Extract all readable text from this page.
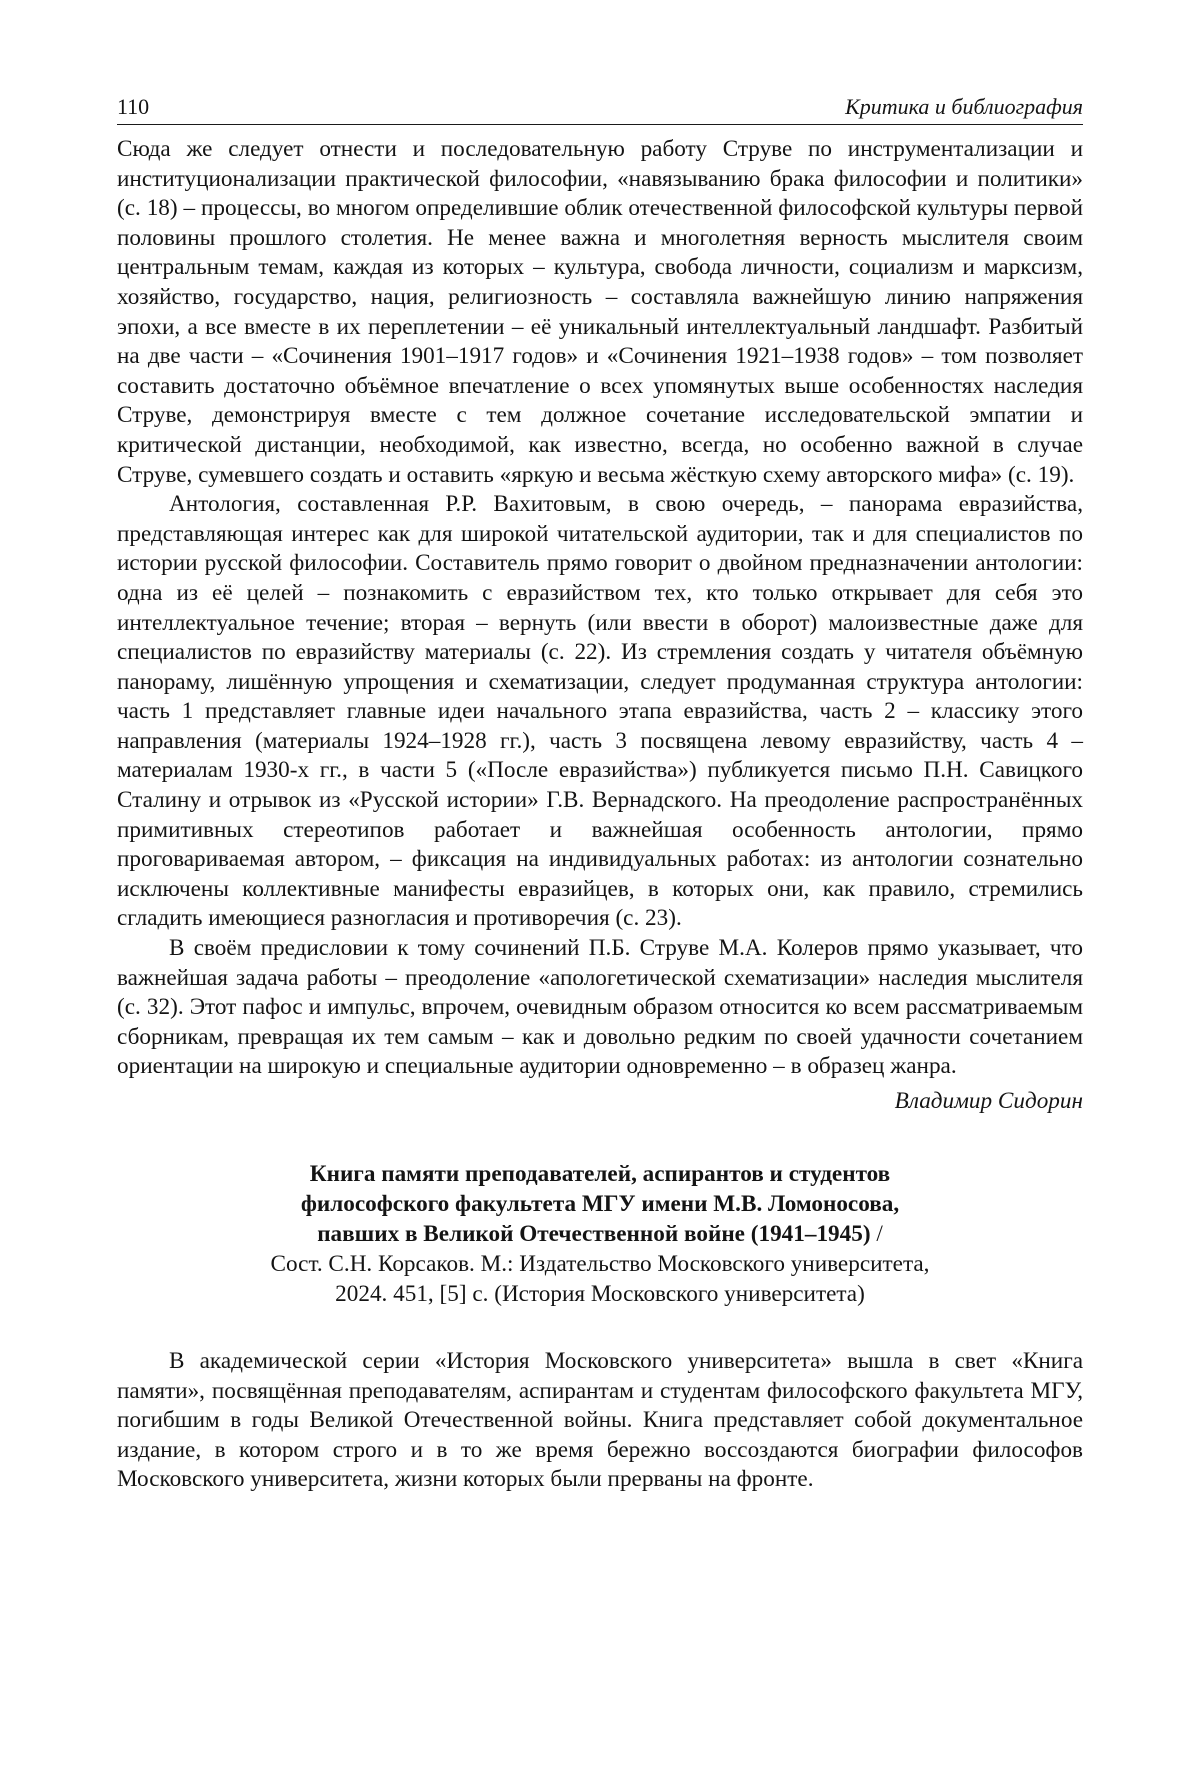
110	Критика и библиография

Сюда же следует отнести и последовательную работу Струве по инструментализации и институционализации практической философии, «навязыванию брака философии и политики» (с. 18) – процессы, во многом определившие облик отечественной философской культуры первой половины прошлого столетия. Не менее важна и многолетняя верность мыслителя своим центральным темам, каждая из которых – культура, свобода личности, социализм и марксизм, хозяйство, государство, нация, религиозность – составляла важнейшую линию напряжения эпохи, а все вместе в их переплетении – её уникальный интеллектуальный ландшафт. Разбитый на две части – «Сочинения 1901–1917 годов» и «Сочинения 1921–1938 годов» – том позволяет составить достаточно объёмное впечатление о всех упомянутых выше особенностях наследия Струве, демонстрируя вместе с тем должное сочетание исследовательской эмпатии и критической дистанции, необходимой, как известно, всегда, но особенно важной в случае Струве, сумевшего создать и оставить «яркую и весьма жёсткую схему авторского мифа» (с. 19).

Антология, составленная Р.Р. Вахитовым, в свою очередь, – панорама евразийства, представляющая интерес как для широкой читательской аудитории, так и для специалистов по истории русской философии. Составитель прямо говорит о двойном предназначении антологии: одна из её целей – познакомить с евразийством тех, кто только открывает для себя это интеллектуальное течение; вторая – вернуть (или ввести в оборот) малоизвестные даже для специалистов по евразийству материалы (с. 22). Из стремления создать у читателя объёмную панораму, лишённую упрощения и схематизации, следует продуманная структура антологии: часть 1 представляет главные идеи начального этапа евразийства, часть 2 – классику этого направления (материалы 1924–1928 гг.), часть 3 посвящена левому евразийству, часть 4 – материалам 1930-х гг., в части 5 («После евразийства») публикуется письмо П.Н. Савицкого Сталину и отрывок из «Русской истории» Г.В. Вернадского. На преодоление распространённых примитивных стереотипов работает и важнейшая особенность антологии, прямо проговариваемая автором, – фиксация на индивидуальных работах: из антологии сознательно исключены коллективные манифесты евразийцев, в которых они, как правило, стремились сгладить имеющиеся разногласия и противоречия (с. 23).

В своём предисловии к тому сочинений П.Б. Струве М.А. Колеров прямо указывает, что важнейшая задача работы – преодоление «апологетической схематизации» наследия мыслителя (с. 32). Этот пафос и импульс, впрочем, очевидным образом относится ко всем рассматриваемым сборникам, превращая их тем самым – как и довольно редким по своей удачности сочетанием ориентации на широкую и специальные аудитории одновременно – в образец жанра.

Владимир Сидорин
Книга памяти преподавателей, аспирантов и студентов
философского факультета МГУ имени М.В. Ломоносова,
павших в Великой Отечественной войне (1941–1945) /
Сост. С.Н. Корсаков. М.: Издательство Московского университета,
2024. 451, [5] с. (История Московского университета)

В академической серии «История Московского университета» вышла в свет «Книга памяти», посвящённая преподавателям, аспирантам и студентам философского факультета МГУ, погибшим в годы Великой Отечественной войны. Книга представляет собой документальное издание, в котором строго и в то же время бережно воссоздаются биографии философов Московского университета, жизни которых были прерваны на фронте.
